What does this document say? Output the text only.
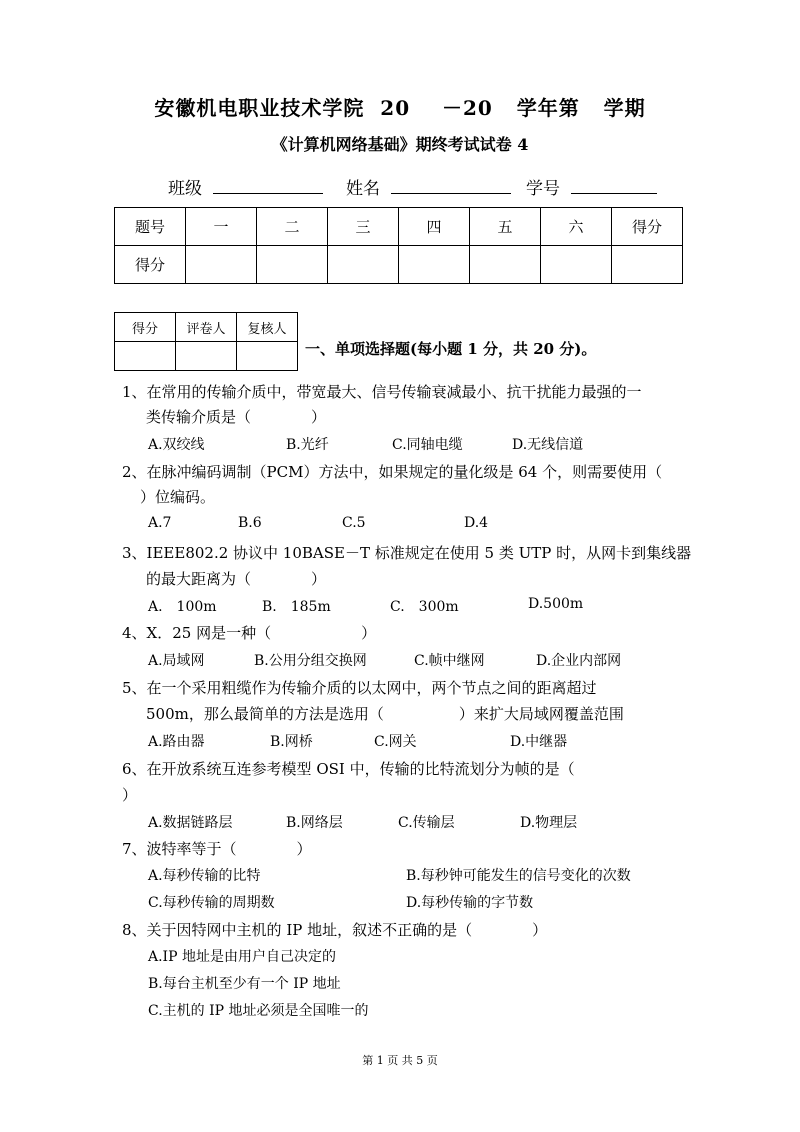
安徽机电职业技术学院 20 －20 学年第 学期
《计算机网络基础》期终考试试卷 4
班级	姓名	学号
题号	一	二	三	四	五	六	得分
得分							
得分	评卷人	复核人

一、单项选择题(每小题 1 分，共 20 分)。
1、在常用的传输介质中，带宽最大、信号传输衰减最小、抗干扰能力最强的一
类传输介质是（　　　　）
A.双绞线	B.光纤	C.同轴电缆	D.无线信道
2、在脉冲编码调制（PCM）方法中，如果规定的量化级是 64 个，则需要使用（
）位编码。
A.7	B.6	C.5	D.4
3、IEEE802.2 协议中 10BASE－T 标准规定在使用 5 类 UTP 时，从网卡到集线器
的最大距离为（　　　　）
A.　100m	B.　185m	C.　300m	D.500m
4、X．25 网是一种（　　　　　　）
A.局域网	B.公用分组交换网	C.帧中继网	D.企业内部网
5、在一个采用粗缆作为传输介质的以太网中，两个节点之间的距离超过
500m，那么最简单的方法是选用（　　　　　）来扩大局域网覆盖范围
A.路由器	B.网桥	C.网关	D.中继器
6、在开放系统互连参考模型 OSI 中，传输的比特流划分为帧的是（
）
A.数据链路层	B.网络层	C.传输层	D.物理层
7、波特率等于（　　　　）
A.每秒传输的比特	B.每秒钟可能发生的信号变化的次数
C.每秒传输的周期数	D.每秒传输的字节数
8、关于因特网中主机的 IP 地址，叙述不正确的是（　　　　）
A.IP 地址是由用户自己决定的
B.每台主机至少有一个 IP 地址
C.主机的 IP 地址必须是全国唯一的
第 1 页 共 5 页
